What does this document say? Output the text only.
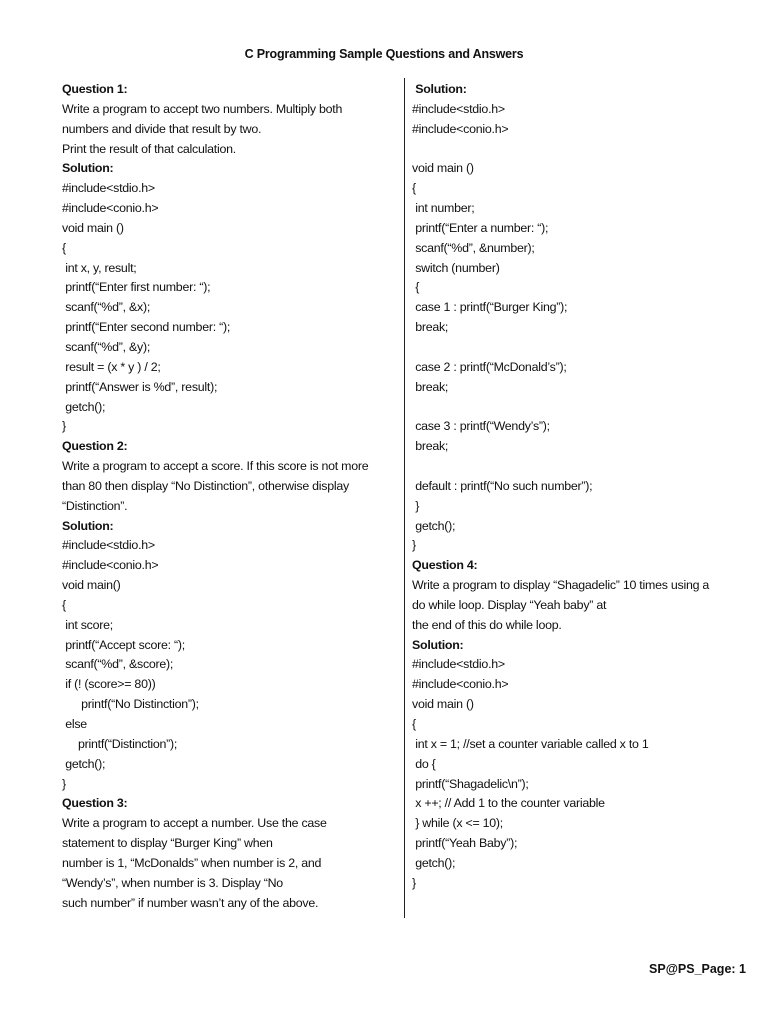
C Programming Sample Questions and Answers
Question 1:
Write a program to accept two numbers. Multiply both
numbers and divide that result by two.
Print the result of that calculation.
Solution:
#include<stdio.h>
#include<conio.h>
void main ()
{
int x, y, result;
printf(“Enter first number: “);
scanf(“%d”, &x);
printf(“Enter second number: “);
scanf(“%d”, &y);
result = (x * y ) / 2;
printf(“Answer is %d”, result);
getch();
}
Question 2:
Write a program to accept a score. If this score is not more
than 80 then display “No Distinction”, otherwise display
“Distinction”.
Solution:
#include<stdio.h>
#include<conio.h>
void main()
{
int score;
printf(“Accept score: “);
scanf(“%d”, &score);
if (! (score>= 80))
printf(“No Distinction”);
else
printf(“Distinction”);
getch();
}
Question 3:
Write a program to accept a number. Use the case
statement to display “Burger King” when
number is 1, “McDonalds” when number is 2, and
“Wendy’s”, when number is 3. Display “No
such number” if number wasn’t any of the above.
Solution:
#include<stdio.h>
#include<conio.h>
void main ()
{
int number;
printf(“Enter a number: “);
scanf(“%d”, &number);
switch (number)
{
case 1 : printf(“Burger King”);
break;
case 2 : printf(“McDonald’s”);
break;
case 3 : printf(“Wendy’s”);
break;
default : printf(“No such number”);
}
getch();
}
Question 4:
Write a program to display “Shagadelic” 10 times using a
do while loop. Display “Yeah baby” at
the end of this do while loop.
Solution:
#include<stdio.h>
#include<conio.h>
void main ()
{
int x = 1; //set a counter variable called x to 1
do {
printf(“Shagadelic\n”);
x ++; // Add 1 to the counter variable
} while (x <= 10);
printf(“Yeah Baby”);
getch();
}
SP@PS_Page: 1
